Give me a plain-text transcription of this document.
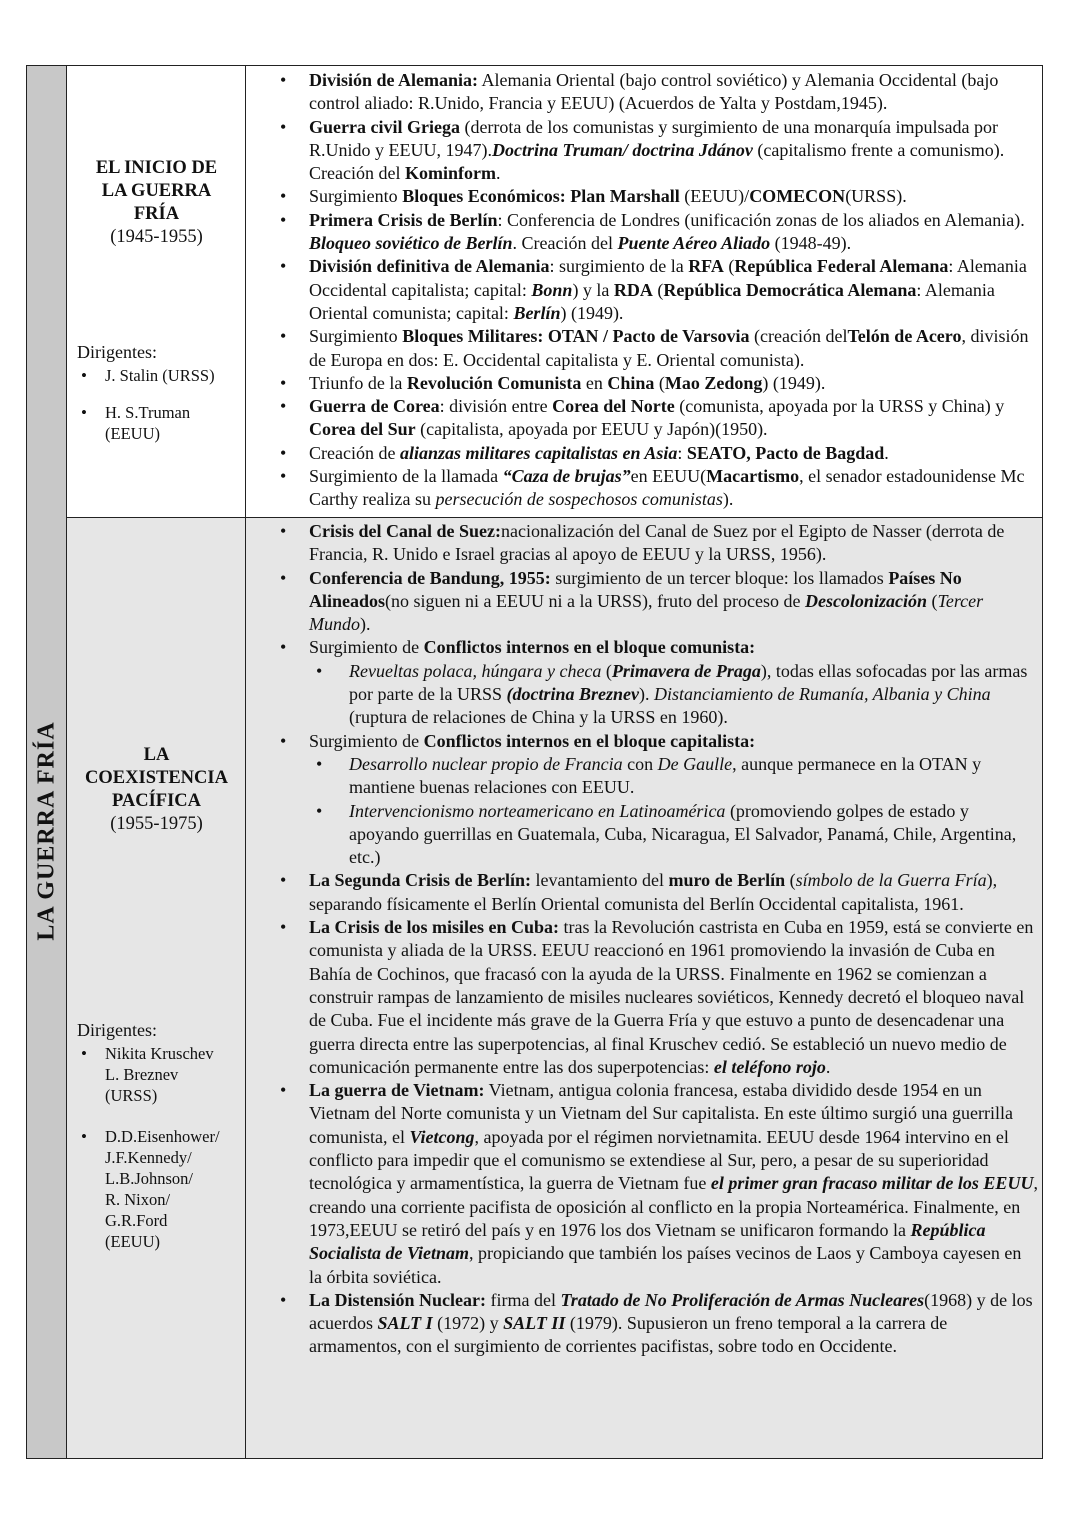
LA GUERRA FRÍA
EL INICIO DE
LA GUERRA
FRÍA
(1945-1955)
Dirigentes:
• J. Stalin (URSS)
• H. S.Truman (EEUU)
• División de Alemania: Alemania Oriental (bajo control soviético) y Alemania Occidental (bajo control aliado: R.Unido, Francia y EEUU) (Acuerdos de Yalta y Postdam,1945).
• Guerra civil Griega (derrota de los comunistas y surgimiento de una monarquía impulsada por R.Unido y EEUU, 1947).Doctrina Truman/ doctrina Jdánov (capitalismo frente a comunismo). Creación del Kominform.
• Surgimiento Bloques Económicos: Plan Marshall (EEUU)/COMECON(URSS).
• Primera Crisis de Berlín: Conferencia de Londres (unificación zonas de los aliados en Alemania). Bloqueo soviético de Berlín. Creación del Puente Aéreo Aliado (1948-49).
• División definitiva de Alemania: surgimiento de la RFA (República Federal Alemana: Alemania Occidental capitalista; capital: Bonn) y la RDA (República Democrática Alemana: Alemania Oriental comunista; capital: Berlín) (1949).
• Surgimiento Bloques Militares: OTAN / Pacto de Varsovia (creación delTelón de Acero, división de Europa en dos: E. Occidental capitalista y E. Oriental comunista).
• Triunfo de la Revolución Comunista en China (Mao Zedong) (1949).
• Guerra de Corea: división entre Corea del Norte (comunista, apoyada por la URSS y China) y Corea del Sur (capitalista, apoyada por EEUU y Japón)(1950).
• Creación de alianzas militares capitalistas en Asia: SEATO, Pacto de Bagdad.
• Surgimiento de la llamada “Caza de brujas”en EEUU(Macartismo, el senador estadounidense Mc Carthy realiza su persecución de sospechosos comunistas).
LA
COEXISTENCIA
PACÍFICA
(1955-1975)
Dirigentes:
• Nikita Kruschev
L. Breznev
(URSS)
• D.D.Eisenhower/
J.F.Kennedy/
L.B.Johnson/
R. Nixon/
G.R.Ford
(EEUU)
• Crisis del Canal de Suez:nacionalización del Canal de Suez por el Egipto de Nasser (derrota de Francia, R. Unido e Israel gracias al apoyo de EEUU y la URSS, 1956).
• Conferencia de Bandung, 1955: surgimiento de un tercer bloque: los llamados Países No Alineados(no siguen ni a EEUU ni a la URSS), fruto del proceso de Descolonización (Tercer Mundo).
• Surgimiento de Conflictos internos en el bloque comunista:
• Revueltas polaca, húngara y checa (Primavera de Praga), todas ellas sofocadas por las armas por parte de la URSS (doctrina Breznev). Distanciamiento de Rumanía, Albania y China (ruptura de relaciones de China y la URSS en 1960).
• Surgimiento de Conflictos internos en el bloque capitalista:
• Desarrollo nuclear propio de Francia con De Gaulle, aunque permanece en la OTAN y mantiene buenas relaciones con EEUU.
• Intervencionismo norteamericano en Latinoamérica (promoviendo golpes de estado y apoyando guerrillas en Guatemala, Cuba, Nicaragua, El Salvador, Panamá, Chile, Argentina, etc.)
• La Segunda Crisis de Berlín: levantamiento del muro de Berlín (símbolo de la Guerra Fría), separando físicamente el Berlín Oriental comunista del Berlín Occidental capitalista, 1961.
• La Crisis de los misiles en Cuba: tras la Revolución castrista en Cuba en 1959, está se convierte en comunista y aliada de la URSS. EEUU reaccionó en 1961 promoviendo la invasión de Cuba en Bahía de Cochinos, que fracasó con la ayuda de la URSS. Finalmente en 1962 se comienzan a construir rampas de lanzamiento de misiles nucleares soviéticos, Kennedy decretó el bloqueo naval de Cuba. Fue el incidente más grave de la Guerra Fría y que estuvo a punto de desencadenar una guerra directa entre las superpotencias, al final Kruschev cedió. Se estableció un nuevo medio de comunicación permanente entre las dos superpotencias: el teléfono rojo.
• La guerra de Vietnam: Vietnam, antigua colonia francesa, estaba dividido desde 1954 en un Vietnam del Norte comunista y un Vietnam del Sur capitalista. En este último surgió una guerrilla comunista, el Vietcong, apoyada por el régimen norvietnamita. EEUU desde 1964 intervino en el conflicto para impedir que el comunismo se extendiese al Sur, pero, a pesar de su superioridad tecnológica y armamentística, la guerra de Vietnam fue el primer gran fracaso militar de los EEUU, creando una corriente pacifista de oposición al conflicto en la propia Norteamérica. Finalmente, en 1973,EEUU se retiró del país y en 1976 los dos Vietnam se unificaron formando la República Socialista de Vietnam, propiciando que también los países vecinos de Laos y Camboya cayesen en la órbita soviética.
• La Distensión Nuclear: firma del Tratado de No Proliferación de Armas Nucleares(1968) y de los acuerdos SALT I (1972) y SALT II (1979). Supusieron un freno temporal a la carrera de armamentos, con el surgimiento de corrientes pacifistas, sobre todo en Occidente.
